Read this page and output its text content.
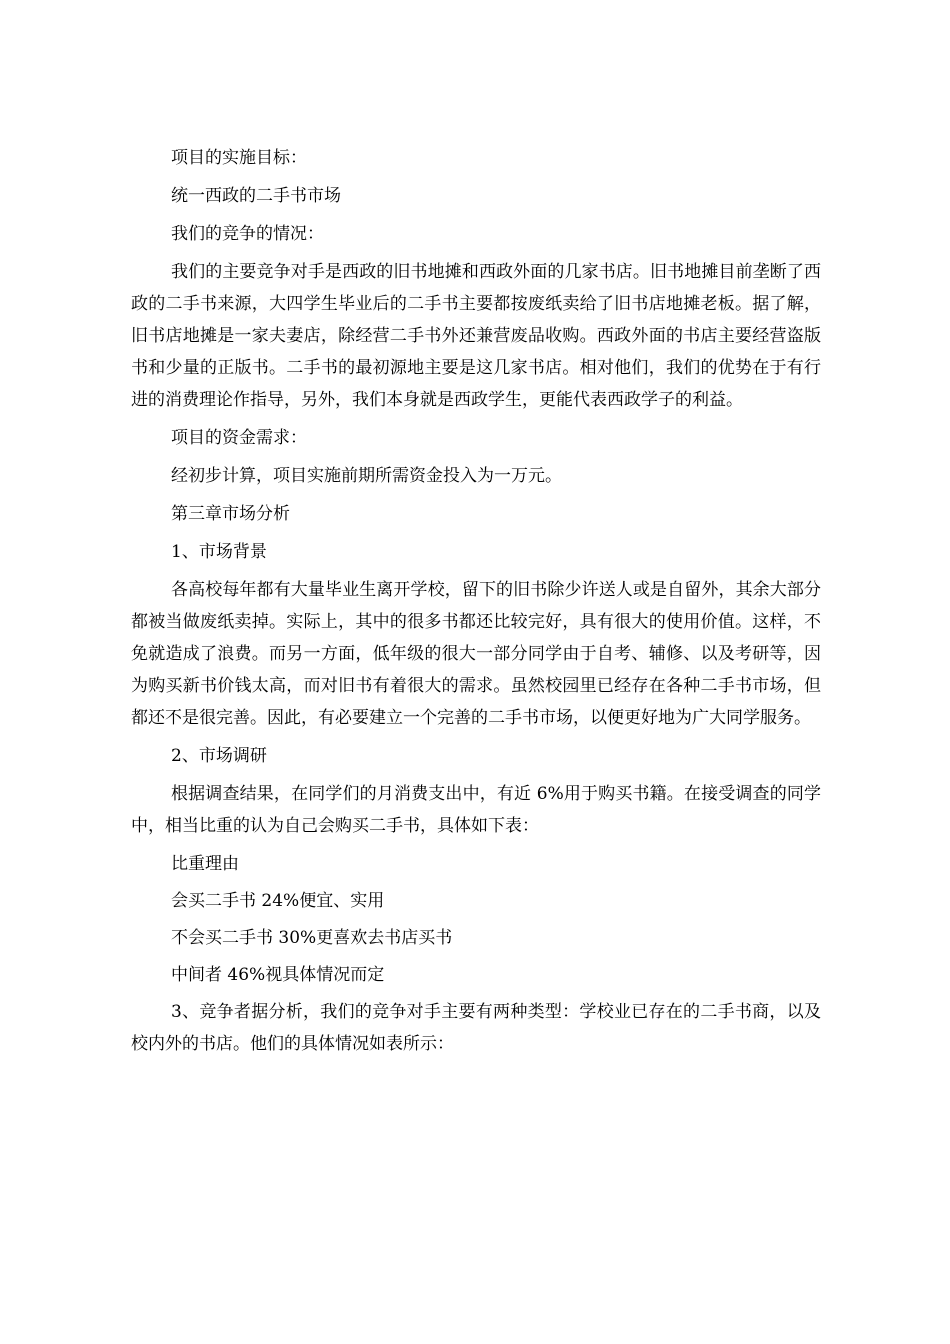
项目的实施目标：

统一西政的二手书市场

我们的竞争的情况：

我们的主要竞争对手是西政的旧书地摊和西政外面的几家书店。旧书地摊目前垄断了西政的二手书来源，大四学生毕业后的二手书主要都按废纸卖给了旧书店地摊老板。据了解，旧书店地摊是一家夫妻店，除经营二手书外还兼营废品收购。西政外面的书店主要经营盗版书和少量的正版书。二手书的最初源地主要是这几家书店。相对他们，我们的优势在于有行进的消费理论作指导，另外，我们本身就是西政学生，更能代表西政学子的利益。

项目的资金需求：

经初步计算，项目实施前期所需资金投入为一万元。

第三章市场分析

1、市场背景

各高校每年都有大量毕业生离开学校，留下的旧书除少许送人或是自留外，其余大部分都被当做废纸卖掉。实际上，其中的很多书都还比较完好，具有很大的使用价值。这样，不免就造成了浪费。而另一方面，低年级的很大一部分同学由于自考、辅修、以及考研等，因为购买新书价钱太高，而对旧书有着很大的需求。虽然校园里已经存在各种二手书市场，但都还不是很完善。因此，有必要建立一个完善的二手书市场，以便更好地为广大同学服务。

2、市场调研

根据调查结果，在同学们的月消费支出中，有近 6%用于购买书籍。在接受调查的同学中，相当比重的认为自己会购买二手书，具体如下表：

比重理由

会买二手书 24%便宜、实用

不会买二手书 30%更喜欢去书店买书

中间者 46%视具体情况而定

3、竞争者据分析，我们的竞争对手主要有两种类型：学校业已存在的二手书商，以及校内外的书店。他们的具体情况如表所示：
